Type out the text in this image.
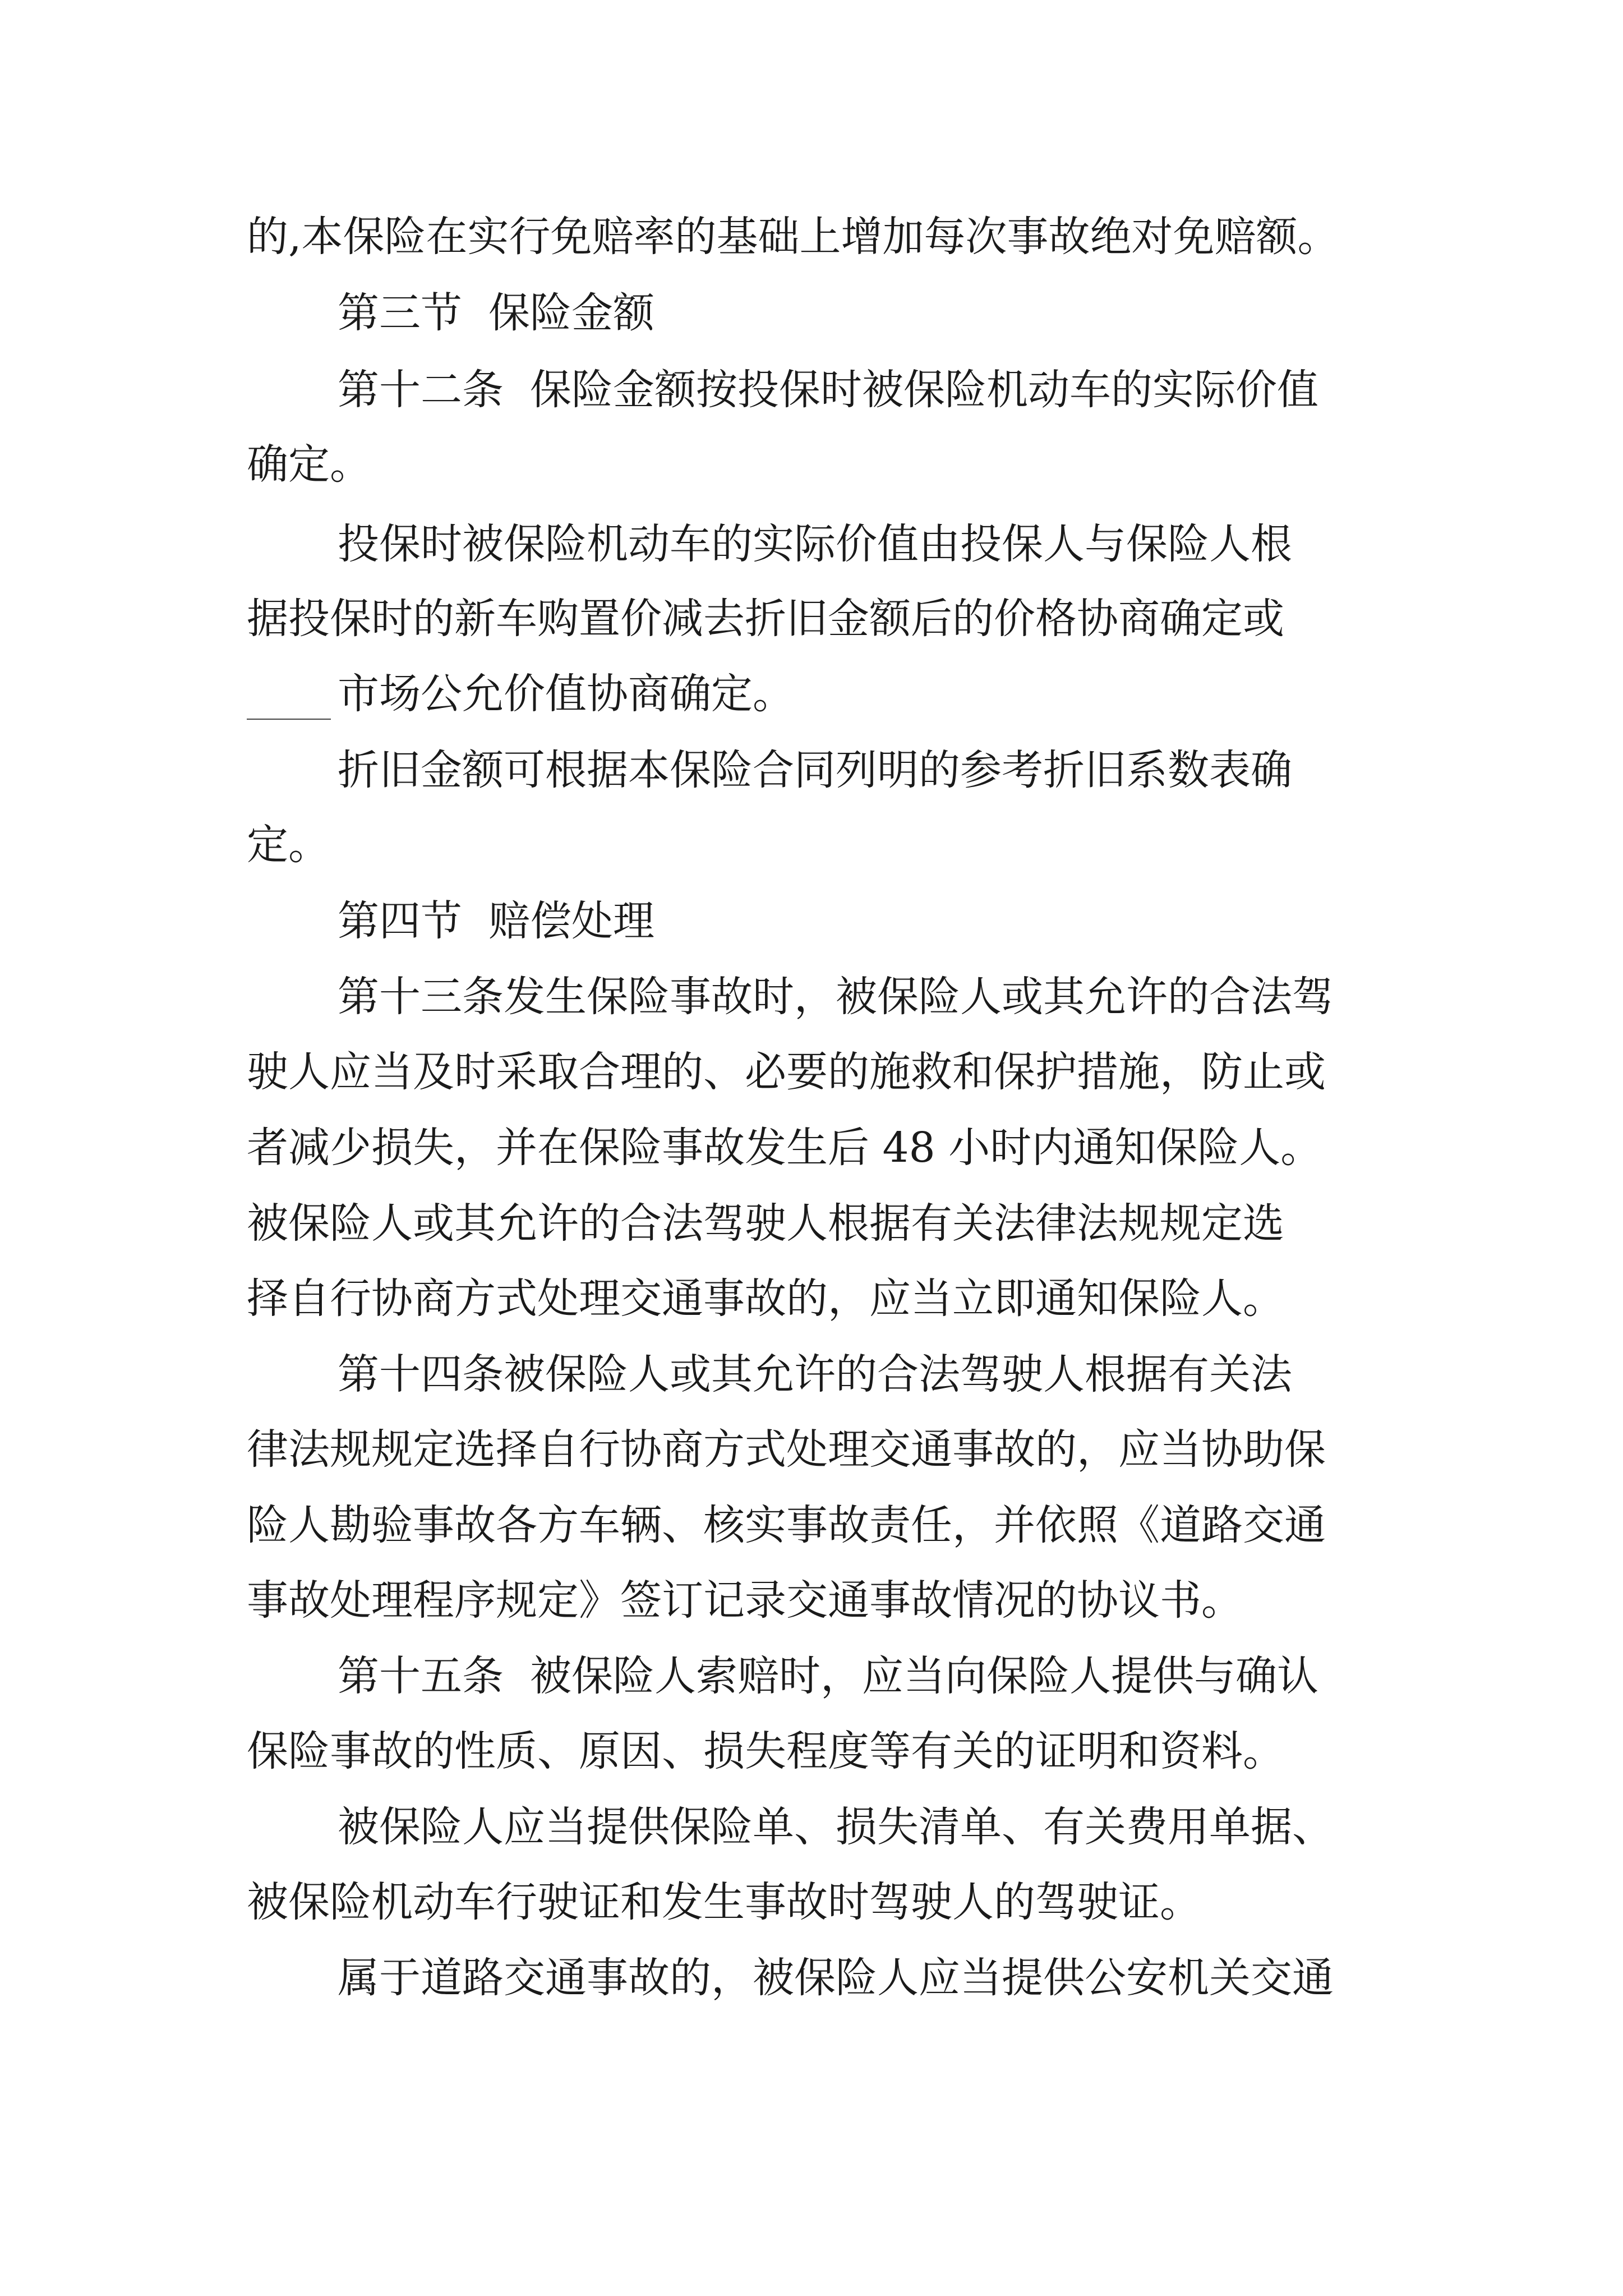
的,本保险在实行免赔率的基础上增加每次事故绝对免赔额。
第三节  保险金额
第十二条  保险金额按投保时被保险机动车的实际价值
确定。
投保时被保险机动车的实际价值由投保人与保险人根
据投保时的新车购置价减去折旧金额后的价格协商确定或
市场公允价值协商确定。
折旧金额可根据本保险合同列明的参考折旧系数表确
定。
第四节  赔偿处理
第十三条发生保险事故时，被保险人或其允许的合法驾
驶人应当及时采取合理的、必要的施救和保护措施，防止或
者减少损失，并在保险事故发生后 48 小时内通知保险人。
被保险人或其允许的合法驾驶人根据有关法律法规规定选
择自行协商方式处理交通事故的，应当立即通知保险人。
第十四条被保险人或其允许的合法驾驶人根据有关法
律法规规定选择自行协商方式处理交通事故的，应当协助保
险人勘验事故各方车辆、核实事故责任，并依照《道路交通
事故处理程序规定》签订记录交通事故情况的协议书。
第十五条  被保险人索赔时，应当向保险人提供与确认
保险事故的性质、原因、损失程度等有关的证明和资料。
被保险人应当提供保险单、损失清单、有关费用单据、
被保险机动车行驶证和发生事故时驾驶人的驾驶证。
属于道路交通事故的，被保险人应当提供公安机关交通
